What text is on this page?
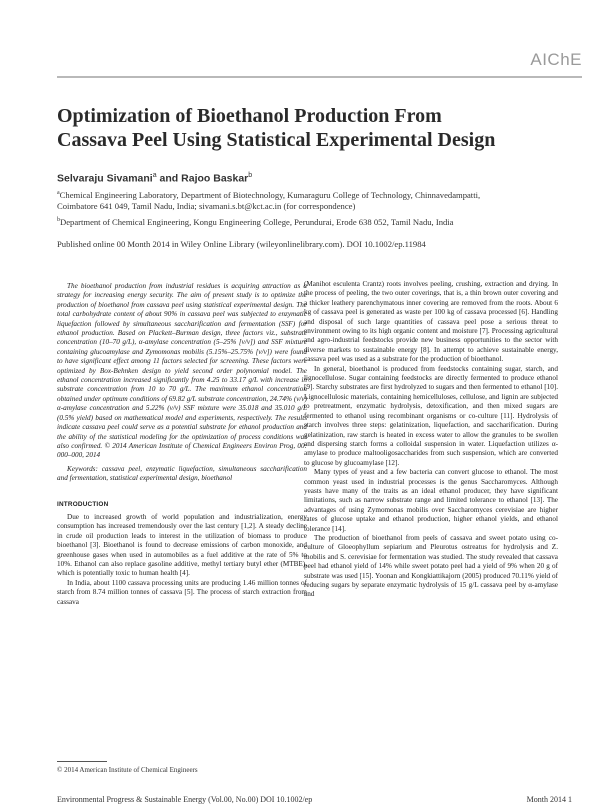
AIChE
Optimization of Bioethanol Production From
Cassava Peel Using Statistical Experimental Design
Selvaraju Sivamani$^a$ and Rajoo Baskar$^b$
$^a$Chemical Engineering Laboratory, Department of Biotechnology, Kumaraguru College of Technology, Chinnavedampatti,
Coimbatore 641 049, Tamil Nadu, India; sivamani.s.bt@kct.ac.in (for correspondence)
$^b$Department of Chemical Engineering, Kongu Engineering College, Perundurai, Erode 638 052, Tamil Nadu, India
Published online 00 Month 2014 in Wiley Online Library (wileyonlinelibrary.com). DOI 10.1002/ep.11984

The bioethanol production from industrial residues is acquiring attraction as a strategy for increasing energy security. The aim of present study is to optimize the production of bioethanol from cassava peel using statistical experimental design. The total carbohydrate content of about 90% in cassava peel was subjected to enzymatic liquefaction followed by simultaneous saccharification and fermentation (SSF) for ethanol production. Based on Plackett–Burman design, three factors viz., substrate concentration (10–70 g/L), α-amylase concentration (5–25% [v/v]) and SSF mixture containing glucoamylase and Zymomonas mobilis (5.15%–25.75% [v/v]) were found to have significant effect among 11 factors selected for screening. These factors were optimized by Box-Behnken design to yield second order polynomial model. The ethanol concentration increased significantly from 4.25 to 33.17 g/L with increase in substrate concentration from 10 to 70 g/L. The maximum ethanol concentration obtained under optimum conditions of 69.82 g/L substrate concentration, 24.74% (v/v) α-amylase concentration and 5.22% (v/v) SSF mixture were 35.018 and 35.010 g/L (0.5% yield) based on mathematical model and experiments, respectively. The results indicate cassava peel could serve as a potential substrate for ethanol production and the ability of the statistical modeling for the optimization of process conditions was also confirmed. © 2014 American Institute of Chemical Engineers Environ Prog, 00: 000–000, 2014

Keywords: cassava peel, enzymatic liquefaction, simultaneous saccharification and fermentation, statistical experimental design, bioethanol

INTRODUCTION

Due to increased growth of world population and industrialization, energy consumption has increased tremendously over the last century [1,2]. A steady decline in crude oil production leads to interest in the utilization of biomass to produce bioethanol [3]. Bioethanol is found to decrease emissions of carbon monoxide, and greenhouse gases when used in automobiles as a fuel additive at the rate of 5% to 10%. Ethanol can also replace gasoline additive, methyl tertiary butyl ether (MTBE), which is potentially toxic to human health [4].

In India, about 1100 cassava processing units are producing 1.46 million tonnes of starch from 8.74 million tonnes of cassava [5]. The process of starch extraction from cassava

(Manihot esculenta Crantz) roots involves peeling, crushing, extraction and drying. In the process of peeling, the two outer coverings, that is, a thin brown outer covering and a thicker leathery parenchymatous inner covering are removed from the roots. About 6 kg of cassava peel is generated as waste per 100 kg of cassava processed [6]. Handling and disposal of such large quantities of cassava peel pose a serious threat to environment owing to its high organic content and moisture [7]. Processing agricultural and agro-industrial feedstocks provide new business opportunities to the sector with diverse markets to sustainable energy [8]. In attempt to achieve sustainable energy, cassava peel was used as a substrate for the production of bioethanol.

In general, bioethanol is produced from feedstocks containing sugar, starch, and lignocellulose. Sugar containing feedstocks are directly fermented to produce ethanol [9]. Starchy substrates are first hydrolyzed to sugars and then fermented to ethanol [10]. Lignocellulosic materials, containing hemicelluloses, cellulose, and lignin are subjected to pretreatment, enzymatic hydrolysis, detoxification, and then mixed sugars are fermented to ethanol using recombinant organisms or co-culture [11]. Hydrolysis of starch involves three steps: gelatinization, liquefaction, and saccharification. During gelatinization, raw starch is heated in excess water to allow the granules to be swollen and dispersing starch forms a colloidal suspension in water. Liquefaction utilizes α-amylase to produce maltooligosaccharides from such suspension, which are converted to glucose by glucoamylase [12].

Many types of yeast and a few bacteria can convert glucose to ethanol. The most common yeast used in industrial processes is the genus Saccharomyces. Although yeasts have many of the traits as an ideal ethanol producer, they have significant limitations, such as narrow substrate range and limited tolerance to ethanol [13]. The advantages of using Zymomonas mobilis over Saccharomyces cerevisiae are higher rates of glucose uptake and ethanol production, higher ethanol yields, and ethanol tolerance [14].

The production of bioethanol from peels of cassava and sweet potato using co-culture of Gloeophyllum sepiarium and Pleurotus ostreatus for hydrolysis and Z. mobilis and S. cerevisiae for fermentation was studied. The study revealed that cassava peel had ethanol yield of 14% while sweet potato peel had a yield of 9% when 20 g of substrate was used [15]. Yoonan and Kongkiattikajorn (2005) produced 70.11% yield of reducing sugars by separate enzymatic hydrolysis of 15 g/L cassava peel by α-amylase and

© 2014 American Institute of Chemical Engineers
Environmental Progress & Sustainable Energy (Vol.00, No.00) DOI 10.1002/ep	Month 2014 1
